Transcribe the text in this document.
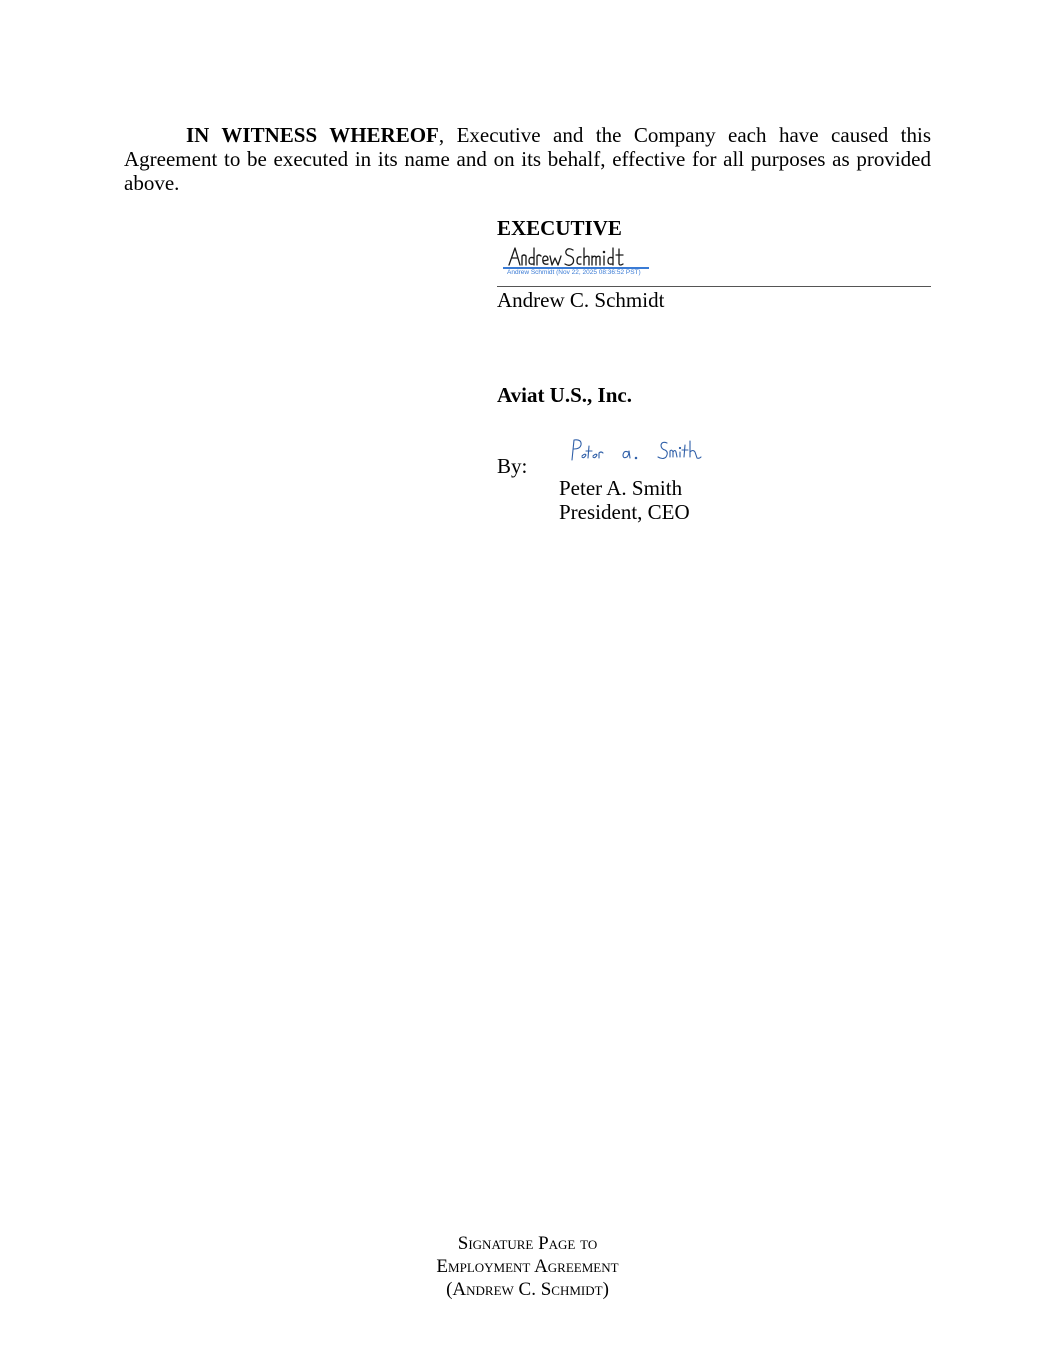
IN WITNESS WHEREOF, Executive and the Company each have caused this Agreement to be executed in its name and on its behalf, effective for all purposes as provided above.
EXECUTIVE
Andrew Schmidt (Nov 22, 2025 08:36:52 PST)
Andrew C. Schmidt
Aviat U.S., Inc.
By:
Peter A. Smith
President, CEO
Signature Page to
Employment Agreement
(Andrew C. Schmidt)
